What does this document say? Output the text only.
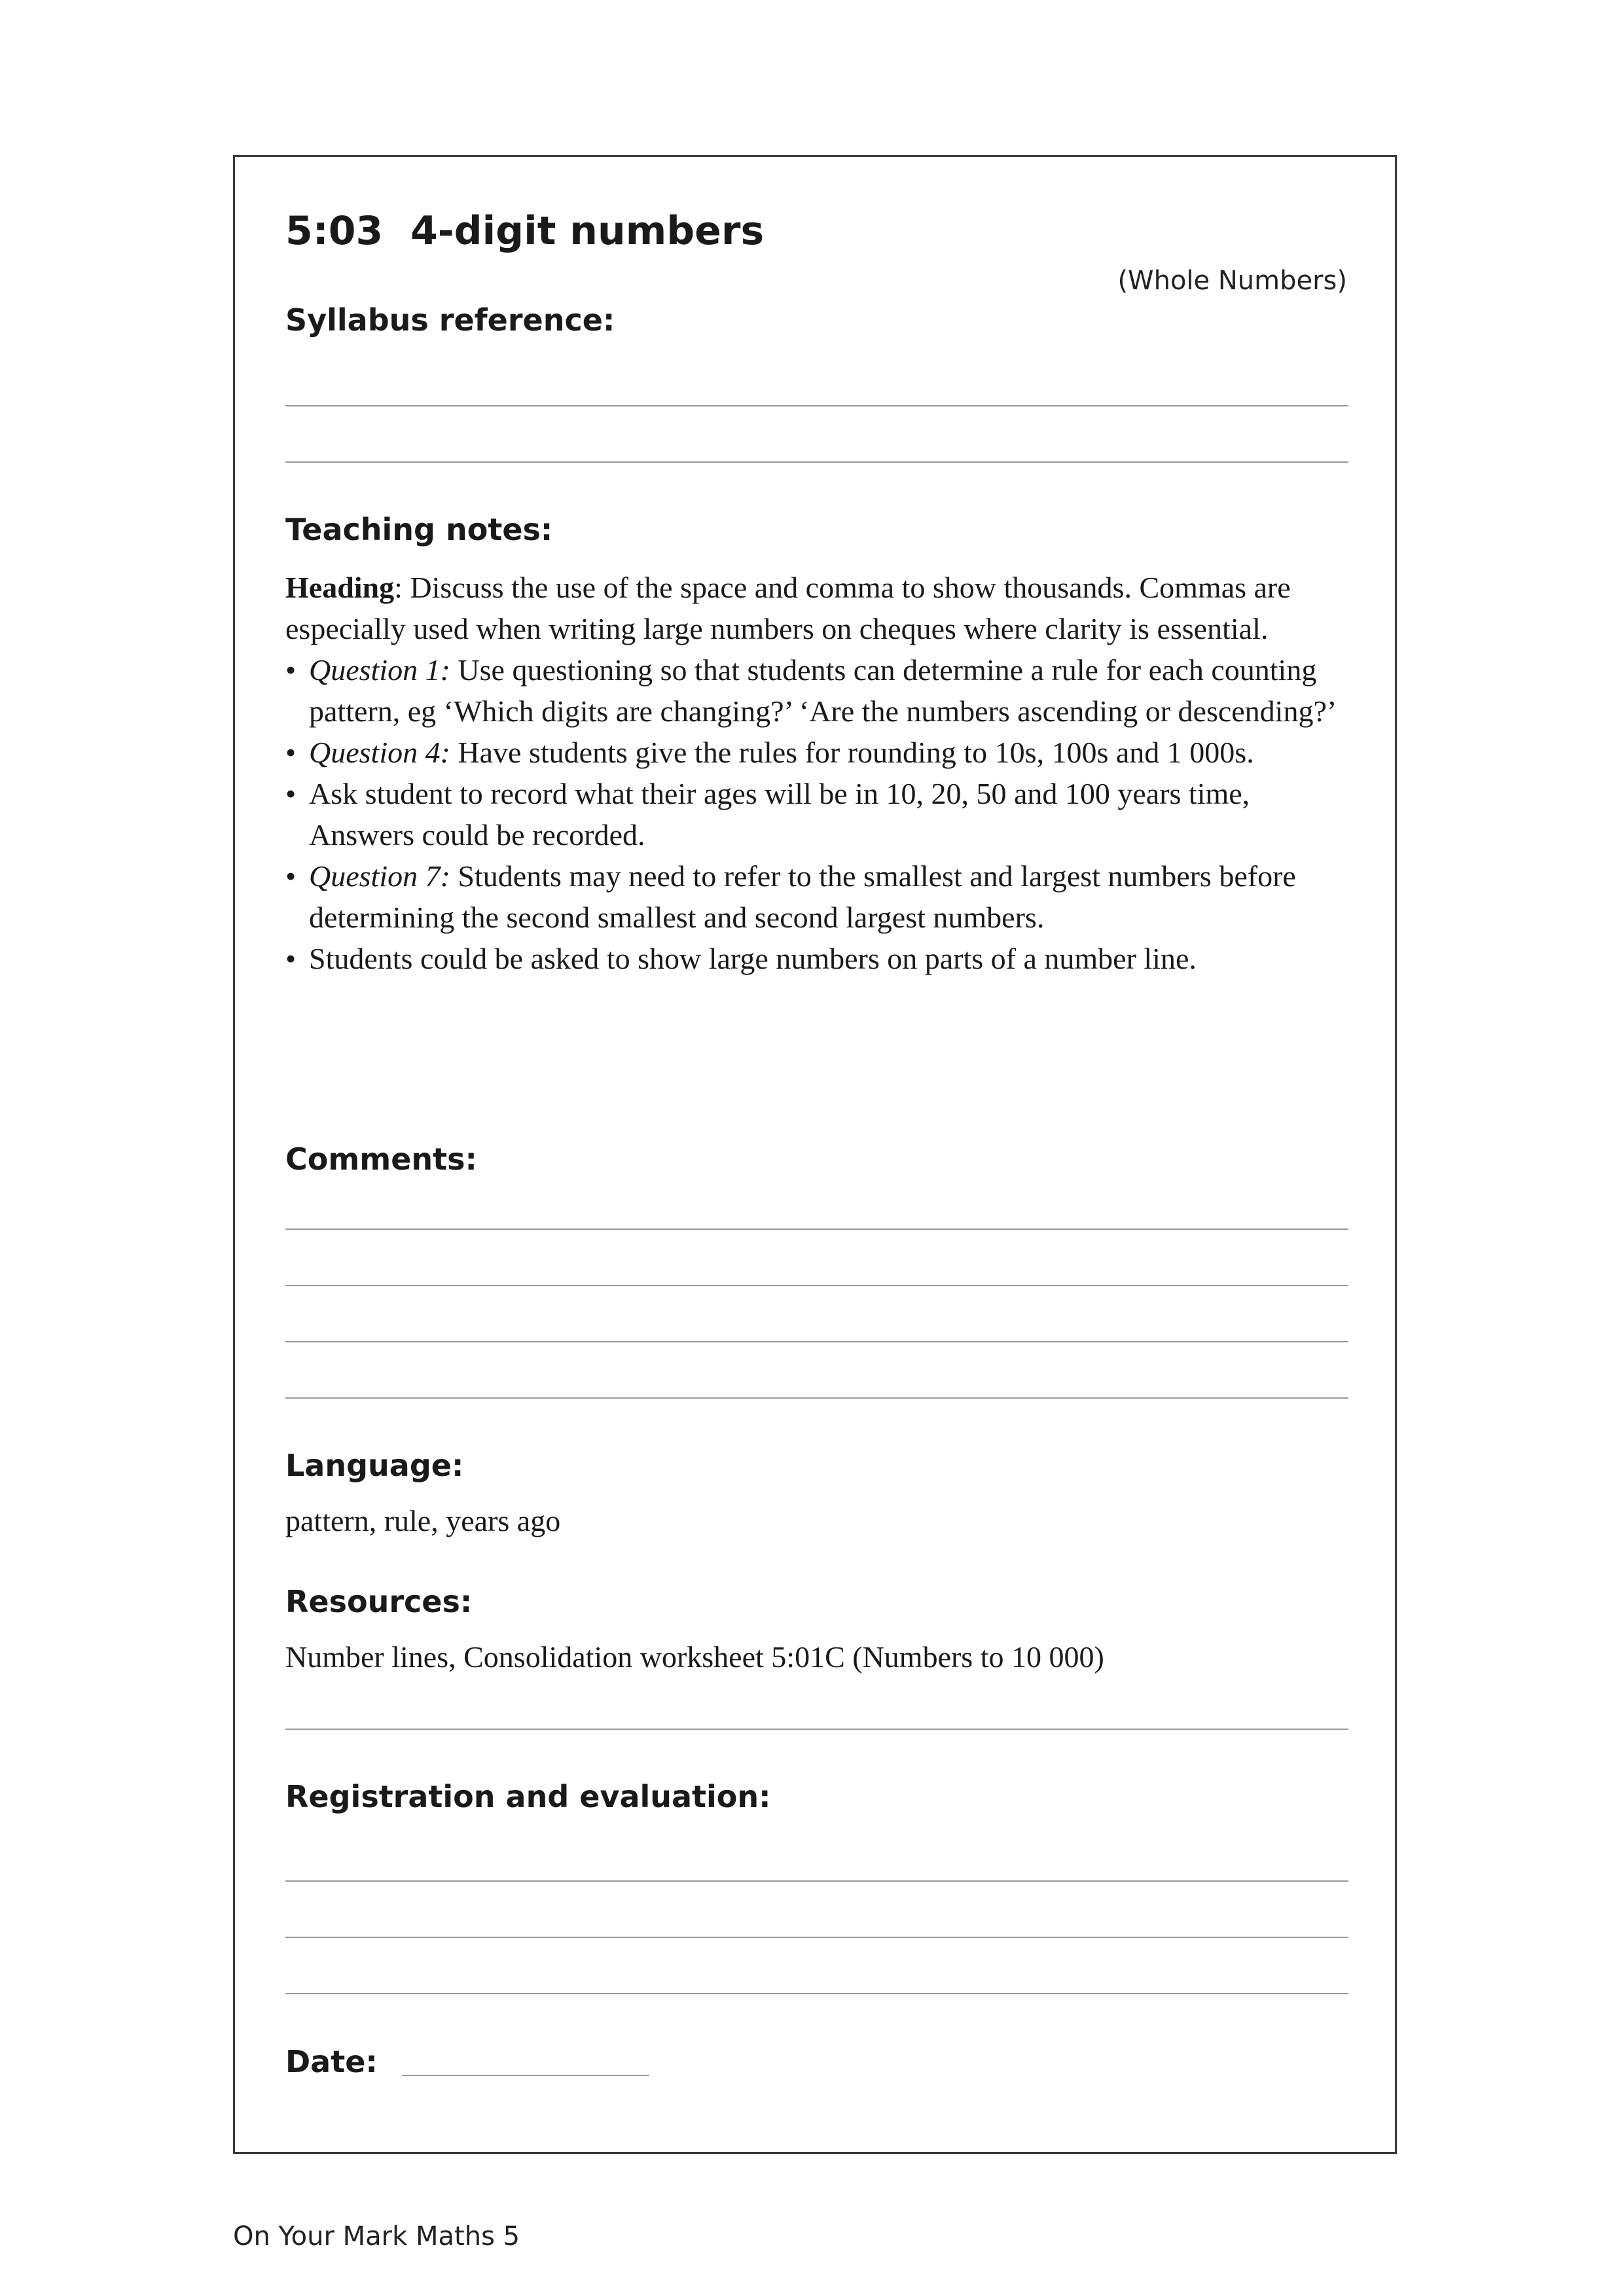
5:03  4-digit numbers
(Whole Numbers)
Syllabus reference:
Teaching notes:

Heading: Discuss the use of the space and comma to show thousands. Commas are especially used when writing large numbers on cheques where clarity is essential.

• Question 1: Use questioning so that students can determine a rule for each counting pattern, eg ‘Which digits are changing?’ ‘Are the numbers ascending or descending?’
• Question 4: Have students give the rules for rounding to 10s, 100s and 1 000s.
• Ask student to record what their ages will be in 10, 20, 50 and 100 years time, Answers could be recorded.
• Question 7: Students may need to refer to the smallest and largest numbers before determining the second smallest and second largest numbers.
• Students could be asked to show large numbers on parts of a number line.
Comments:
Language:
pattern, rule, years ago
Resources:
Number lines, Consolidation worksheet 5:01C (Numbers to 10 000)
Registration and evaluation:
Date:
On Your Mark Maths 5
